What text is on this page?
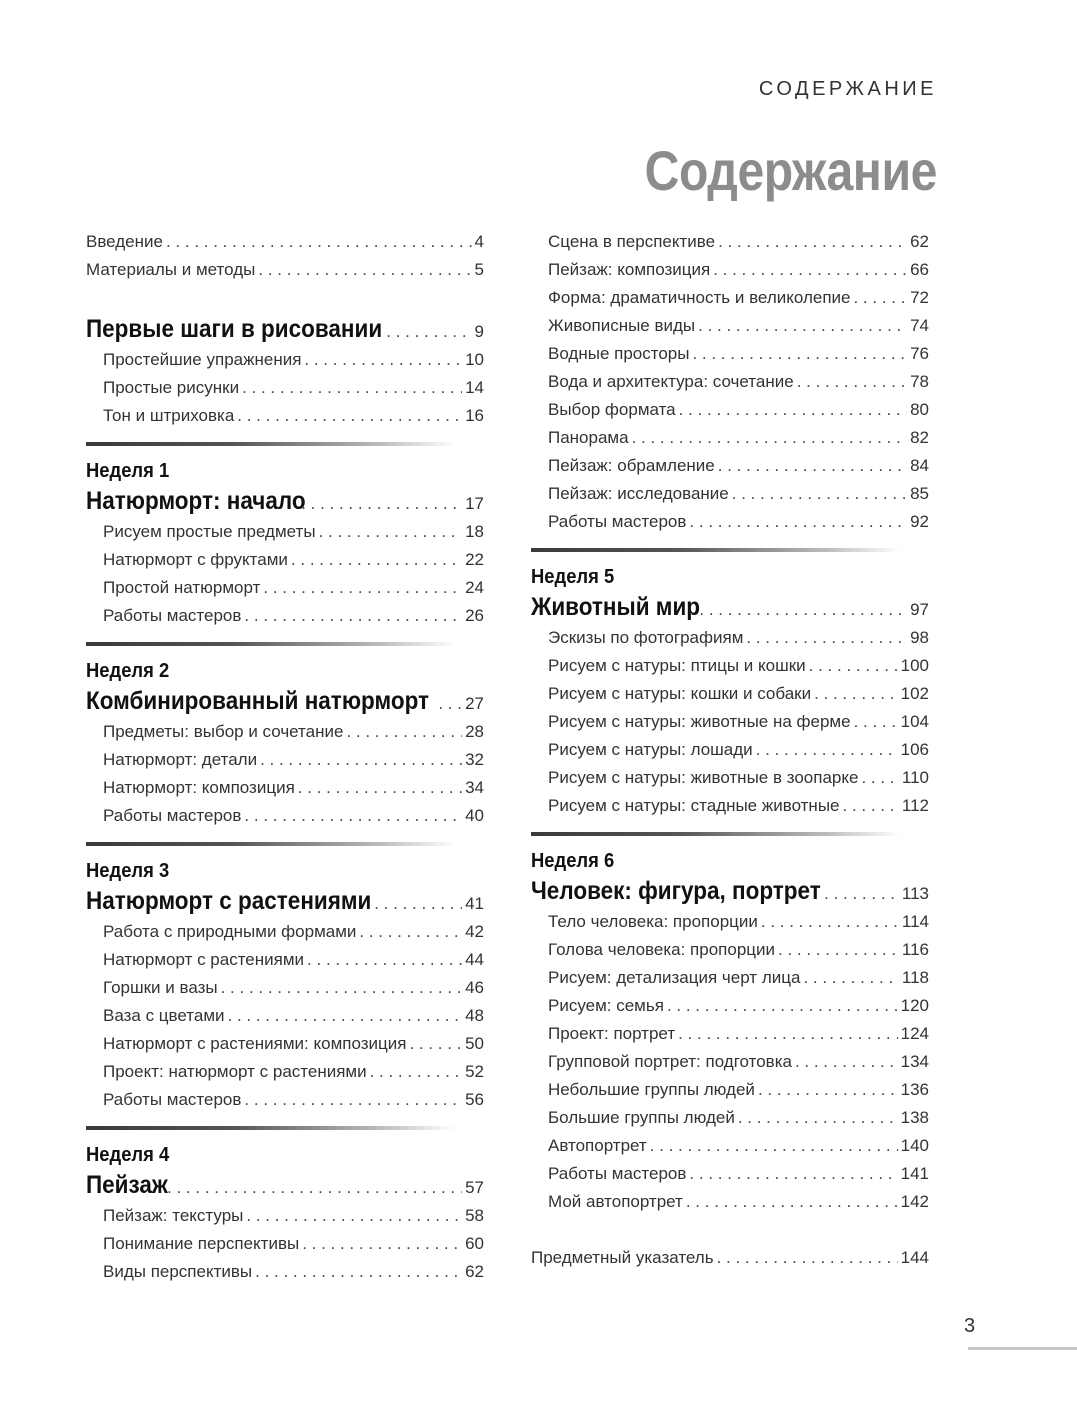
СОДЕРЖАНИЕ
Содержание
Введение . . .	4
Материалы и методы . . .	5
Первые шаги в рисовании . . .	9
Простейшие упражнения . . .	10
Простые рисунки . . .	14
Тон и штриховка . . .	16
Неделя 1
Натюрморт: начало . . .	17
Рисуем простые предметы . . .	18
Натюрморт с фруктами . . .	22
Простой натюрморт . . .	24
Работы мастеров . . .	26
Неделя 2
Комбинированный натюрморт . . . 27
Предметы: выбор и сочетание . . .	28
Натюрморт: детали . . .	32
Натюрморт: композиция . . .	34
Работы мастеров . . .	40
Неделя 3
Натюрморт с растениями . . .	41
Работа с природными формами . . .	42
Натюрморт с растениями . . .	44
Горшки и вазы . . .	46
Ваза с цветами . . .	48
Натюрморт с растениями: композиция . . .	50
Проект: натюрморт с растениями . . .	52
Работы мастеров . . .	56
Неделя 4
Пейзаж . . .	57
Пейзаж: текстуры . . .	58
Понимание перспективы . . .	60
Виды перспективы . . .	62
Сцена в перспективе . . .	62
Пейзаж: композиция . . .	66
Форма: драматичность и великолепие . . .	72
Живописные виды . . .	74
Водные просторы . . .	76
Вода и архитектура: сочетание . . .	78
Выбор формата . . .	80
Панорама . . .	82
Пейзаж: обрамление . . .	84
Пейзаж: исследование . . .	85
Работы мастеров . . .	92
Неделя 5
Животный мир . . .	97
Эскизы по фотографиям . . .	98
Рисуем с натуры: птицы и кошки . . .	100
Рисуем с натуры: кошки и собаки . . .	102
Рисуем с натуры: животные на ферме . . .	104
Рисуем с натуры: лошади . . .	106
Рисуем с натуры: животные в зоопарке . . .	110
Рисуем с натуры: стадные животные . . .	112
Неделя 6
Человек: фигура, портрет . . .	113
Тело человека: пропорции . . .	114
Голова человека: пропорции . . .	116
Рисуем: детализация черт лица . . .	118
Рисуем: семья . . .	120
Проект: портрет . . .	124
Групповой портрет: подготовка . . .	134
Небольшие группы людей . . .	136
Большие группы людей . . .	138
Автопортрет . . .	140
Работы мастеров . . .	141
Мой автопортрет . . .	142
Предметный указатель . . .	144
3
